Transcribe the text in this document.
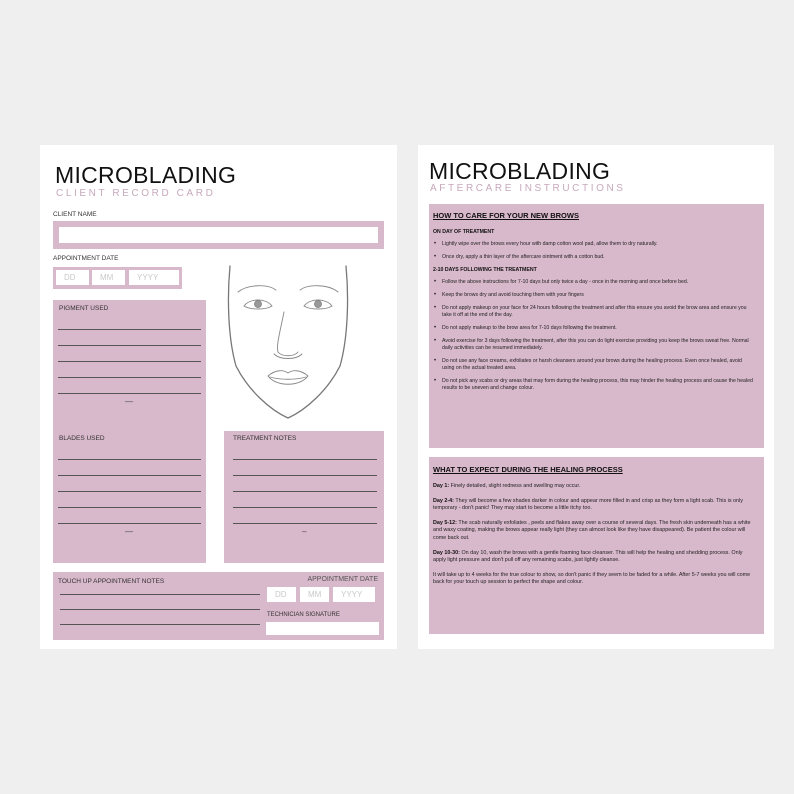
MICROBLADING
CLIENT RECORD CARD
CLIENT NAME
APPOINTMENT DATE
DD	MM	YYYY
PIGMENT USED
—
BLADES USED
—
TREATMENT NOTES
–
TOUCH UP APPOINTMENT NOTES	APPOINTMENT DATE
DD	MM	YYYY
TECHNICIAN SIGNATURE
MICROBLADING
AFTERCARE INSTRUCTIONS
HOW TO CARE FOR YOUR NEW BROWS
ON DAY OF TREATMENT
• Lightly wipe over the brows every hour with damp cotton wool pad, allow them to dry naturally.
• Once dry, apply a thin layer of the aftercare ointment with a cotton bud.
2-10 DAYS FOLLOWING THE TREATMENT
• Follow the above instructions for 7-10 days but only twice a day - once in the morning and once before bed.
• Keep the brows dry and avoid touching them with your fingers
• Do not apply makeup on your face for 24 hours following the treatment and after this ensure you avoid the brow area and ensure you take it off at the end of the day.
• Do not apply makeup to the brow area for 7-10 days following the treatment.
• Avoid exercise for 3 days following the treatment, after this you can do light exercise providing you keep the brows sweat free. Normal daily activities can be resumed immediately.
• Do not use any face creams, exfoliates or harsh cleansers around your brows during the healing process. Even once healed, avoid using on the actual treated area.
• Do not pick any scabs or dry areas that may form during the healing process, this may hinder the healing process and cause the healed results to be uneven and change colour.
WHAT TO EXPECT DURING THE HEALING PROCESS

Day 1: Finely detailed, slight redness and swelling may occur.

Day 2-4: They will become a few shades darker in colour and appear more filled in and crisp as they form a light scab. This is only temporary - don't panic! They may start to become a little itchy too.

Day 5-12: The scab naturally exfoliates , peels and flakes away over a course of several days. The fresh skin underneath has a white and waxy coating, making the brows appear really light (they can almost look like they have disappeared). Be patient the colour will come back out.

Day 10-30: On day 10, wash the brows with a gentle foaming face cleanser. This will help the healing and shedding process. Only apply light pressure and don't pull off any remaining scabs, just lightly cleanse.

It will take up to 4 weeks for the true colour to show, so don't panic if they seem to be faded for a while. After 5-7 weeks you will come back for your touch up session to perfect the shape and colour.
